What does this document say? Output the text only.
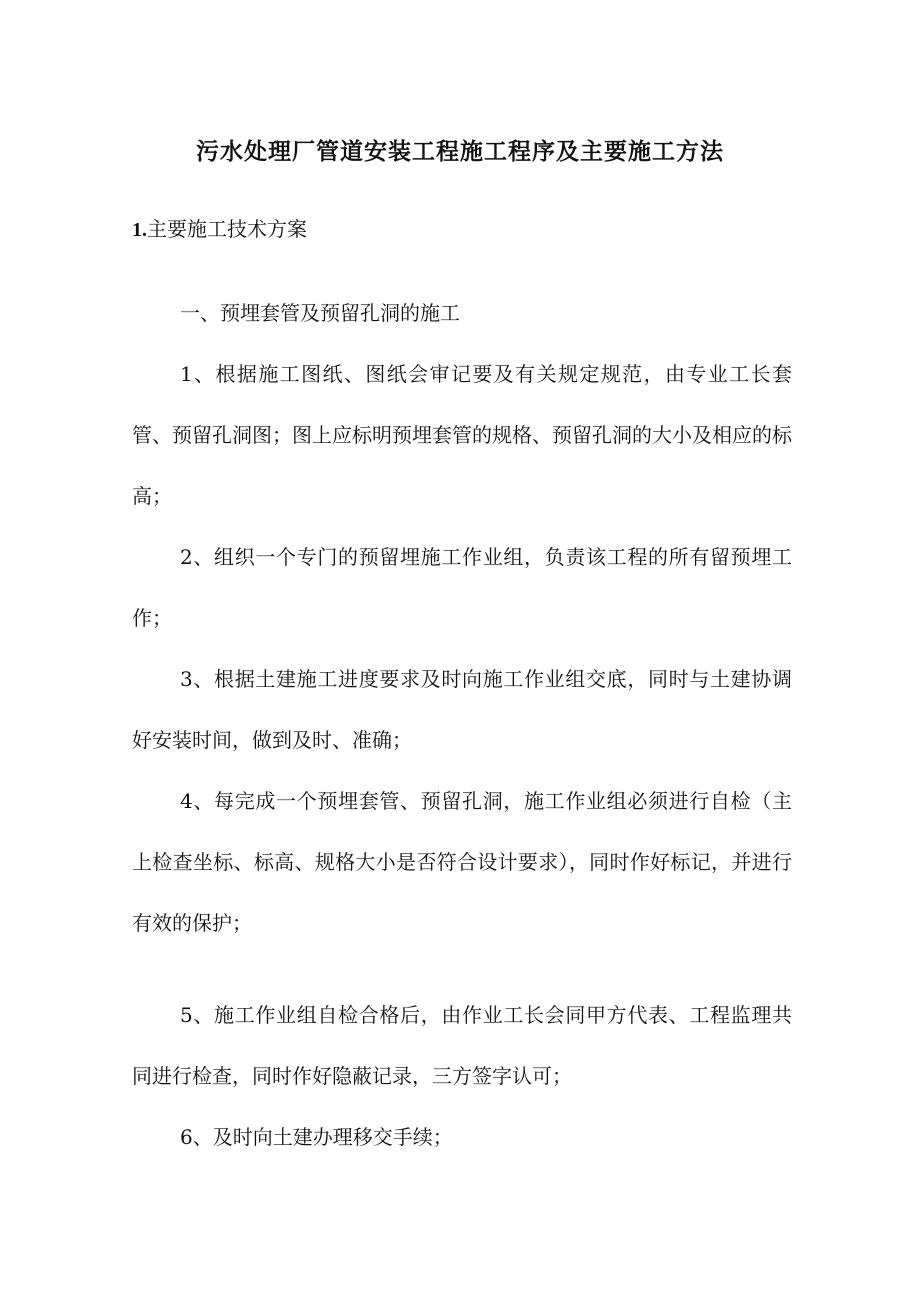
污水处理厂管道安装工程施工程序及主要施工方法

1.主要施工技术方案

一、预埋套管及预留孔洞的施工

1、根据施工图纸、图纸会审记要及有关规定规范，由专业工长套管、预留孔洞图；图上应标明预埋套管的规格、预留孔洞的大小及相应的标高；

2、组织一个专门的预留埋施工作业组，负责该工程的所有留预埋工作；

3、根据土建施工进度要求及时向施工作业组交底，同时与土建协调好安装时间，做到及时、准确；

4、每完成一个预埋套管、预留孔洞，施工作业组必须进行自检（主上检查坐标、标高、规格大小是否符合设计要求），同时作好标记，并进行有效的保护；

5、施工作业组自检合格后，由作业工长会同甲方代表、工程监理共同进行检查，同时作好隐蔽记录，三方签字认可；

6、及时向土建办理移交手续；
